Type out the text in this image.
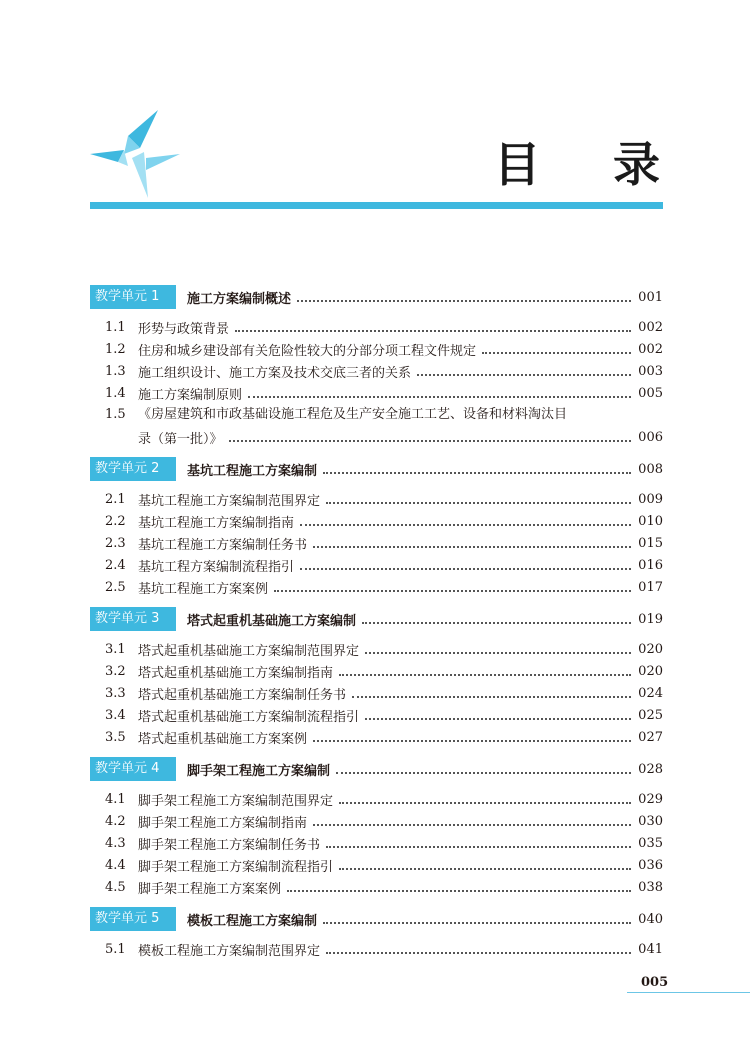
目 录
教学单元 1	施工方案编制概述	001
1.1 形势与政策背景	002
1.2 住房和城乡建设部有关危险性较大的分部分项工程文件规定	002
1.3 施工组织设计、施工方案及技术交底三者的关系	003
1.4 施工方案编制原则	005
1.5 《房屋建筑和市政基础设施工程危及生产安全施工工艺、设备和材料淘汰目
录（第一批）》	006
教学单元 2	基坑工程施工方案编制	008
2.1 基坑工程施工方案编制范围界定	009
2.2 基坑工程施工方案编制指南	010
2.3 基坑工程施工方案编制任务书	015
2.4 基坑工程方案编制流程指引	016
2.5 基坑工程施工方案案例	017
教学单元 3	塔式起重机基础施工方案编制	019
3.1 塔式起重机基础施工方案编制范围界定	020
3.2 塔式起重机基础施工方案编制指南	020
3.3 塔式起重机基础施工方案编制任务书	024
3.4 塔式起重机基础施工方案编制流程指引	025
3.5 塔式起重机基础施工方案案例	027
教学单元 4	脚手架工程施工方案编制	028
4.1 脚手架工程施工方案编制范围界定	029
4.2 脚手架工程施工方案编制指南	030
4.3 脚手架工程施工方案编制任务书	035
4.4 脚手架工程施工方案编制流程指引	036
4.5 脚手架工程施工方案案例	038
教学单元 5	模板工程施工方案编制	040
5.1 模板工程施工方案编制范围界定	041
005
